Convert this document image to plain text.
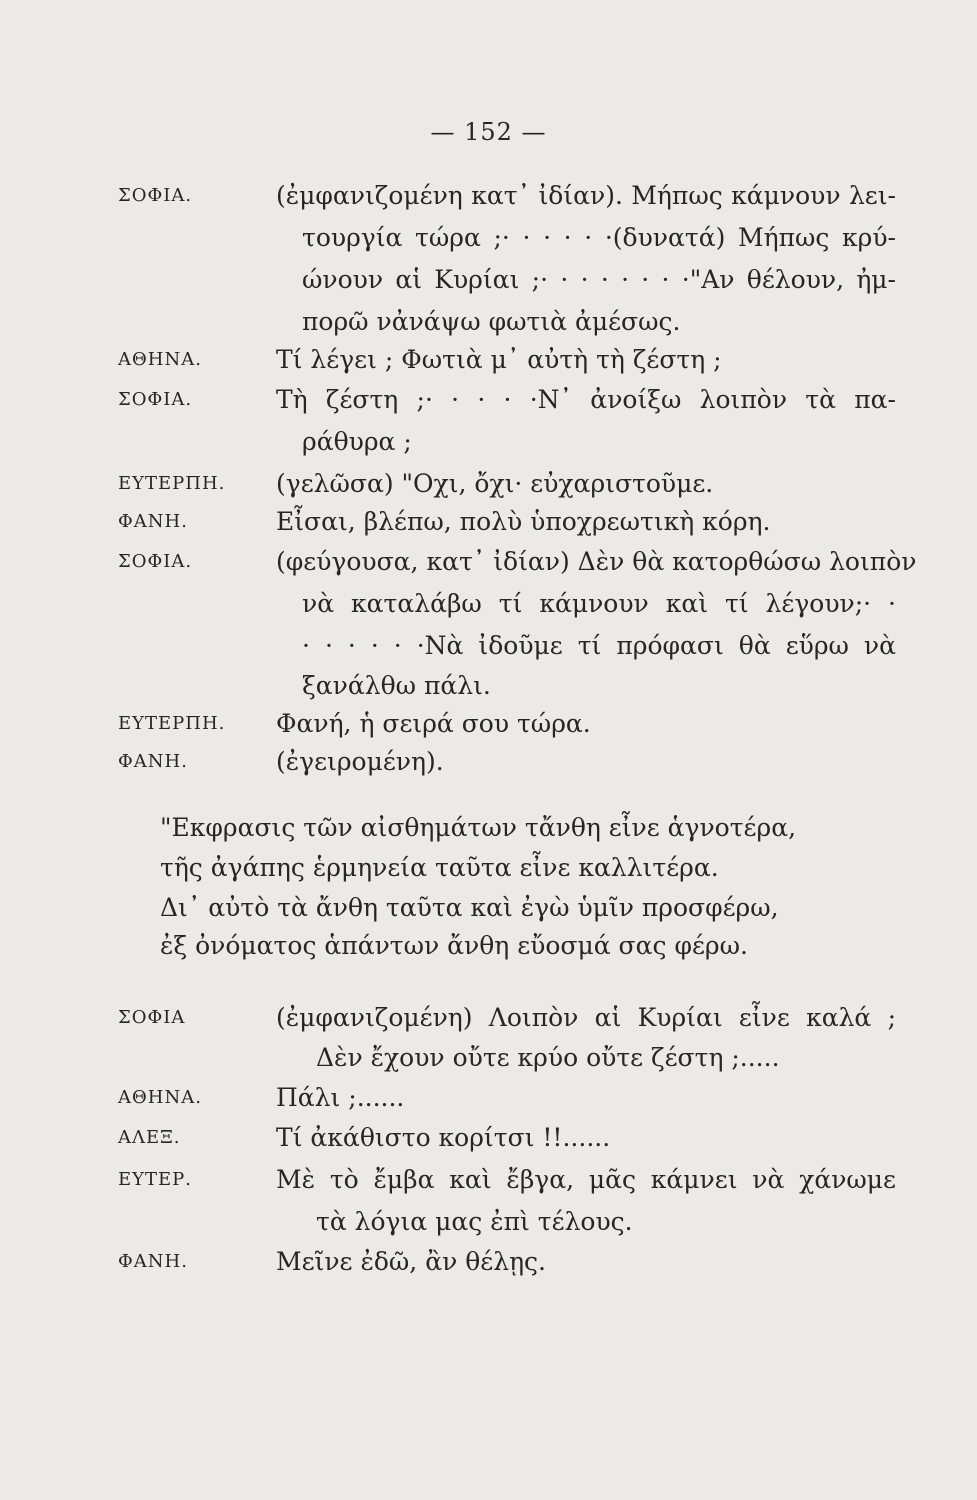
— 152 —
ΣΟΦΙΑ.	(ἐμφανιζομένη κατ᾽ ἰδίαν). Μήπως κάμνουν λει-
τουργία τώρα ;· · · · · ·(δυνατά) Μήπως κρύ-
ώνουν αἱ Κυρίαι ;· · · · · · · ·"Αν θέλουν, ἠμ-
πορῶ νἀνάψω φωτιὰ ἀμέσως.
ΑΘΗΝΑ.	Τί λέγει ; Φωτιὰ μ᾽ αὐτὴ τὴ ζέστη ;
ΣΟΦΙΑ.	Τὴ ζέστη ;· · · · ·Ν᾽ ἀνοίξω λοιπὸν τὰ πα-
ράθυρα ;
ΕΥΤΕΡΠΗ. (γελῶσα) "Οχι, ὄχι· εὐχαριστοῦμε.
ΦΑΝΗ.	Εἶσαι, βλέπω, πολὺ ὑποχρεωτικὴ κόρη.
ΣΟΦΙΑ.	(φεύγουσα, κατ᾽ ἰδίαν) Δὲν θὰ κατορθώσω λοιπὸν
νὰ καταλάβω τί κάμνουν καὶ τί λέγουν;· ·
· · · · · ·Νὰ ἰδοῦμε τί πρόφασι θὰ εὕρω νὰ
ξανάλθω πάλι.
ΕΥΤΕΡΠΗ. Φανή, ἡ σειρά σου τώρα.
ΦΑΝΗ.	(ἐγειρομένη).
"Εκφρασις τῶν αἰσθημάτων τἄνθη εἶνε ἁγνοτέρα,
τῆς ἀγάπης ἑρμηνεία ταῦτα εἶνε καλλιτέρα.
Δι᾽ αὐτὸ τὰ ἄνθη ταῦτα καὶ ἐγὼ ὑμῖν προσφέρω,
ἐξ ὀνόματος ἁπάντων ἄνθη εὔοσμά σας φέρω.
ΣΟΦΙΑ	(ἐμφανιζομένη) Λοιπὸν αἱ Κυρίαι εἶνε καλά ;
Δὲν ἔχουν οὔτε κρύο οὔτε ζέστη ;.....
ΑΘΗΝΑ.	Πάλι ;......
ΑΛΕΞ.	Τί ἀκάθιστο κορίτσι !!......
ΕΥΤΕΡ.	Μὲ τὸ ἔμβα καὶ ἔβγα, μᾶς κάμνει νὰ χάνωμε
τὰ λόγια μας ἐπὶ τέλους.
ΦΑΝΗ.	Μεῖνε ἐδῶ, ἂν θέλῃς.
